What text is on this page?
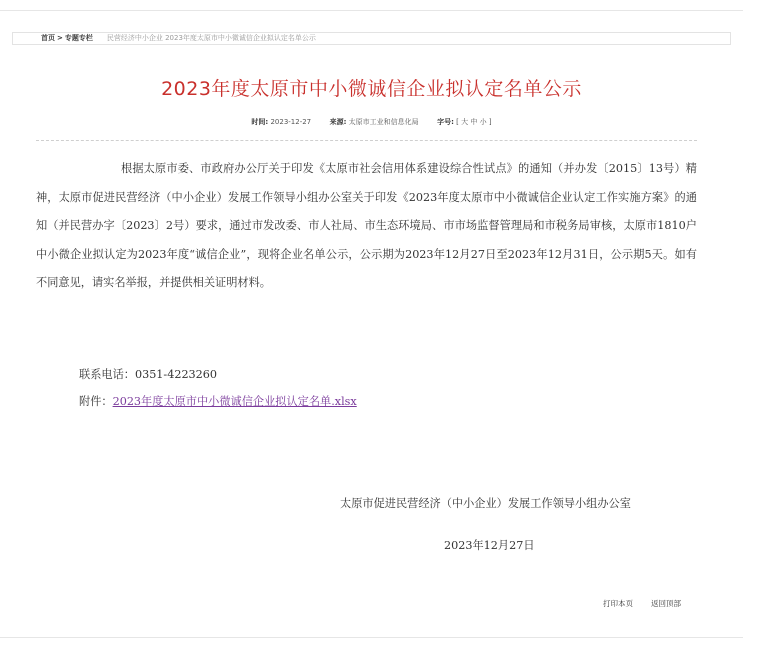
首页 > 专题专栏 民营经济中小企业 2023年度太原市中小微诚信企业拟认定名单公示
2023年度太原市中小微诚信企业拟认定名单公示
时间: 2023-12-27	来源: 太原市工业和信息化局	字号: [ 大 中 小 ]

根据太原市委、市政府办公厅关于印发《太原市社会信用体系建设综合性试点》的通知（并办发〔2015〕13号）精神，太原市促进民营经济（中小企业）发展工作领导小组办公室关于印发《2023年度太原市中小微诚信企业认定工作实施方案》的通知（并民营办字〔2023〕2号）要求，通过市发改委、市人社局、市生态环境局、市市场监督管理局和市税务局审核，太原市1810户中小微企业拟认定为2023年度“诚信企业”，现将企业名单公示，公示期为2023年12月27日至2023年12月31日，公示期5天。如有不同意见，请实名举报，并提供相关证明材料。

联系电话：0351-4223260
附件：2023年度太原市中小微诚信企业拟认定名单.xlsx
太原市促进民营经济（中小企业）发展工作领导小组办公室
2023年12月27日
打印本页 返回顶部
